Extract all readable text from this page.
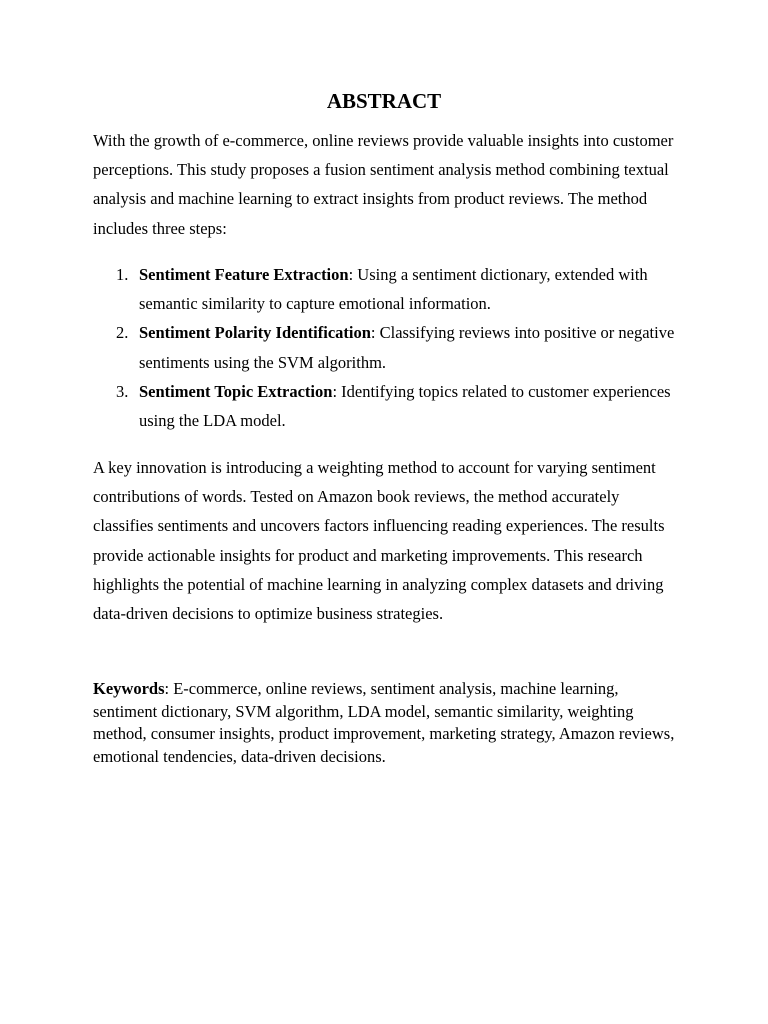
ABSTRACT

With the growth of e-commerce, online reviews provide valuable insights into customer perceptions. This study proposes a fusion sentiment analysis method combining textual analysis and machine learning to extract insights from product reviews. The method includes three steps:

1. Sentiment Feature Extraction: Using a sentiment dictionary, extended with semantic similarity to capture emotional information.
2. Sentiment Polarity Identification: Classifying reviews into positive or negative sentiments using the SVM algorithm.
3. Sentiment Topic Extraction: Identifying topics related to customer experiences using the LDA model.

A key innovation is introducing a weighting method to account for varying sentiment contributions of words. Tested on Amazon book reviews, the method accurately classifies sentiments and uncovers factors influencing reading experiences. The results provide actionable insights for product and marketing improvements. This research highlights the potential of machine learning in analyzing complex datasets and driving data-driven decisions to optimize business strategies.

Keywords: E-commerce, online reviews, sentiment analysis, machine learning, sentiment dictionary, SVM algorithm, LDA model, semantic similarity, weighting method, consumer insights, product improvement, marketing strategy, Amazon reviews, emotional tendencies, data-driven decisions.
